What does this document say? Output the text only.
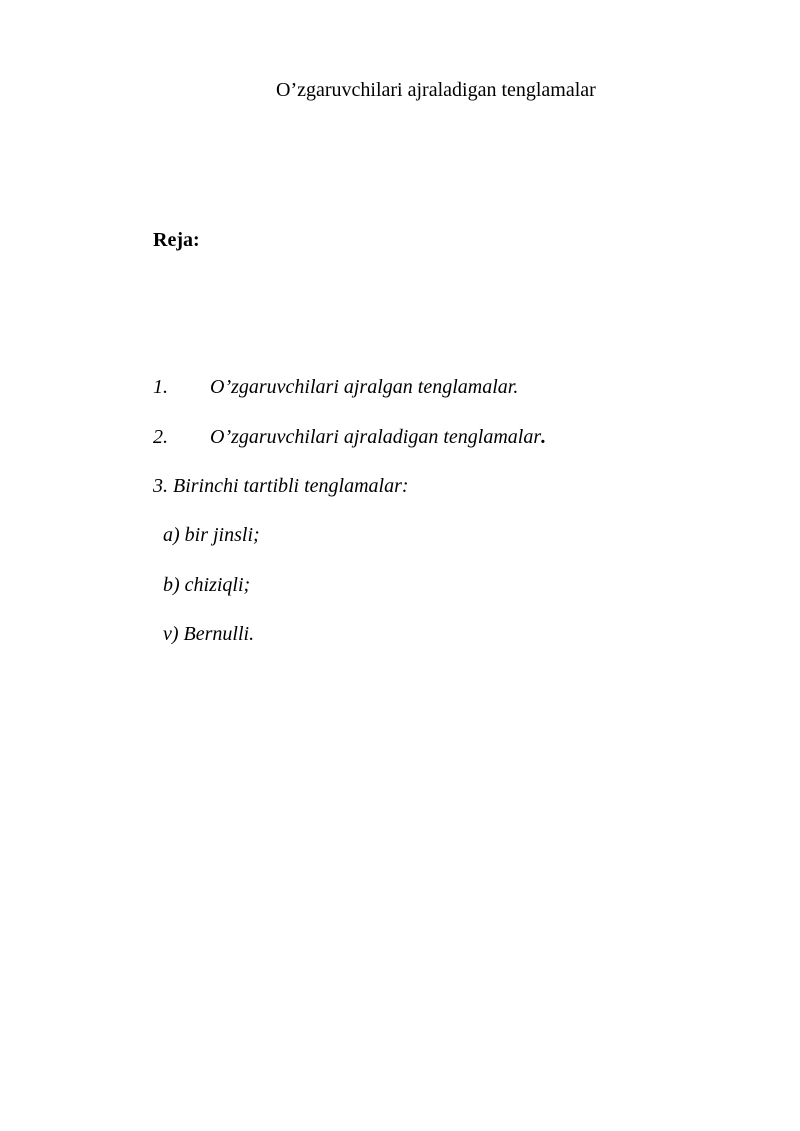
O’zgaruvchilari ajraladigan tenglamalar
Reja:
1. O’zgaruvchilari ajralgan tenglamalar.
2. O’zgaruvchilari ajraladigan tenglamalar.
3. Birinchi tartibli tenglamalar:
a) bir jinsli;
b) chiziqli;
v) Bernulli.
